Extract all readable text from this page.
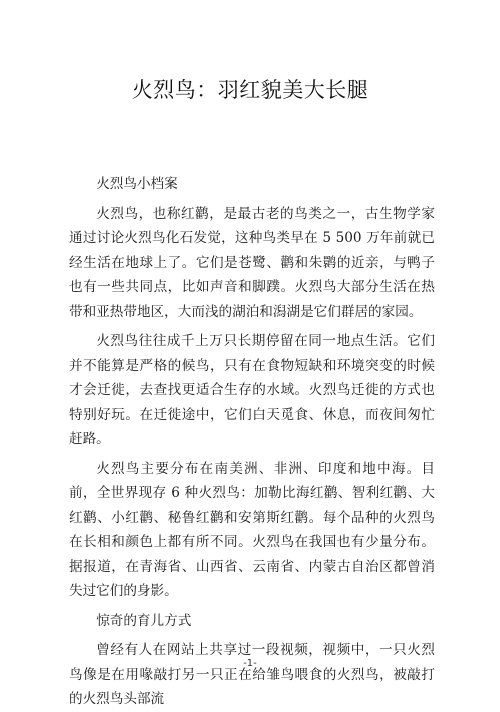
火烈鸟：羽红貌美大长腿

火烈鸟小档案

火烈鸟，也称红鹳，是最古老的鸟类之一，古生物学家通过讨论火烈鸟化石发觉，这种鸟类早在 5 500 万年前就已经生活在地球上了。它们是苍鹭、鹳和朱鹮的近亲，与鸭子也有一些共同点，比如声音和脚蹼。火烈鸟大部分生活在热带和亚热带地区，大而浅的湖泊和潟湖是它们群居的家园。

火烈鸟往往成千上万只长期停留在同一地点生活。它们并不能算是严格的候鸟，只有在食物短缺和环境突变的时候才会迁徙，去查找更适合生存的水域。火烈鸟迁徙的方式也特别好玩。在迁徙途中，它们白天觅食、休息，而夜间匆忙赶路。

火烈鸟主要分布在南美洲、非洲、印度和地中海。目前，全世界现存 6 种火烈鸟：加勒比海红鹳、智利红鹳、大红鹳、小红鹳、秘鲁红鹳和安第斯红鹳。每个品种的火烈鸟在长相和颜色上都有所不同。火烈鸟在我国也有少量分布。据报道，在青海省、山西省、云南省、内蒙古自治区都曾消失过它们的身影。

惊奇的育儿方式

曾经有人在网站上共享过一段视频，视频中，一只火烈鸟像是在用喙敲打另一只正在给雏鸟喂食的火烈鸟，被敲打的火烈鸟头部流

-1-
